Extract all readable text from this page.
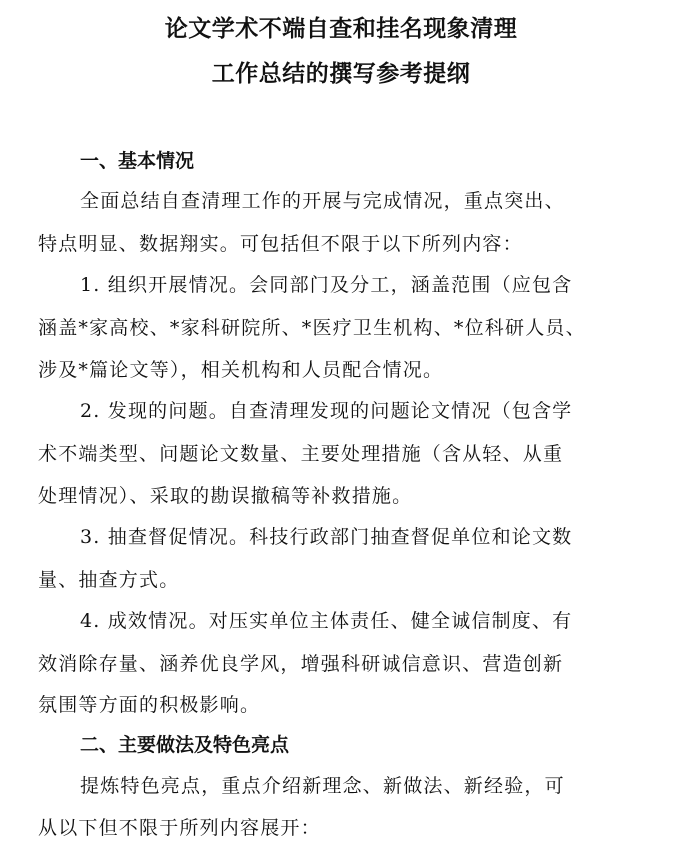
论文学术不端自查和挂名现象清理
工作总结的撰写参考提纲
一、基本情况
全面总结自查清理工作的开展与完成情况，重点突出、
特点明显、数据翔实。可包括但不限于以下所列内容：
1. 组织开展情况。会同部门及分工，涵盖范围（应包含
涵盖*家高校、*家科研院所、*医疗卫生机构、*位科研人员、
涉及*篇论文等），相关机构和人员配合情况。
2. 发现的问题。自查清理发现的问题论文情况（包含学
术不端类型、问题论文数量、主要处理措施（含从轻、从重
处理情况）、采取的勘误撤稿等补救措施。
3. 抽查督促情况。科技行政部门抽查督促单位和论文数
量、抽查方式。
4. 成效情况。对压实单位主体责任、健全诚信制度、有
效消除存量、涵养优良学风，增强科研诚信意识、营造创新
氛围等方面的积极影响。
二、主要做法及特色亮点
提炼特色亮点，重点介绍新理念、新做法、新经验，可
从以下但不限于所列内容展开：
